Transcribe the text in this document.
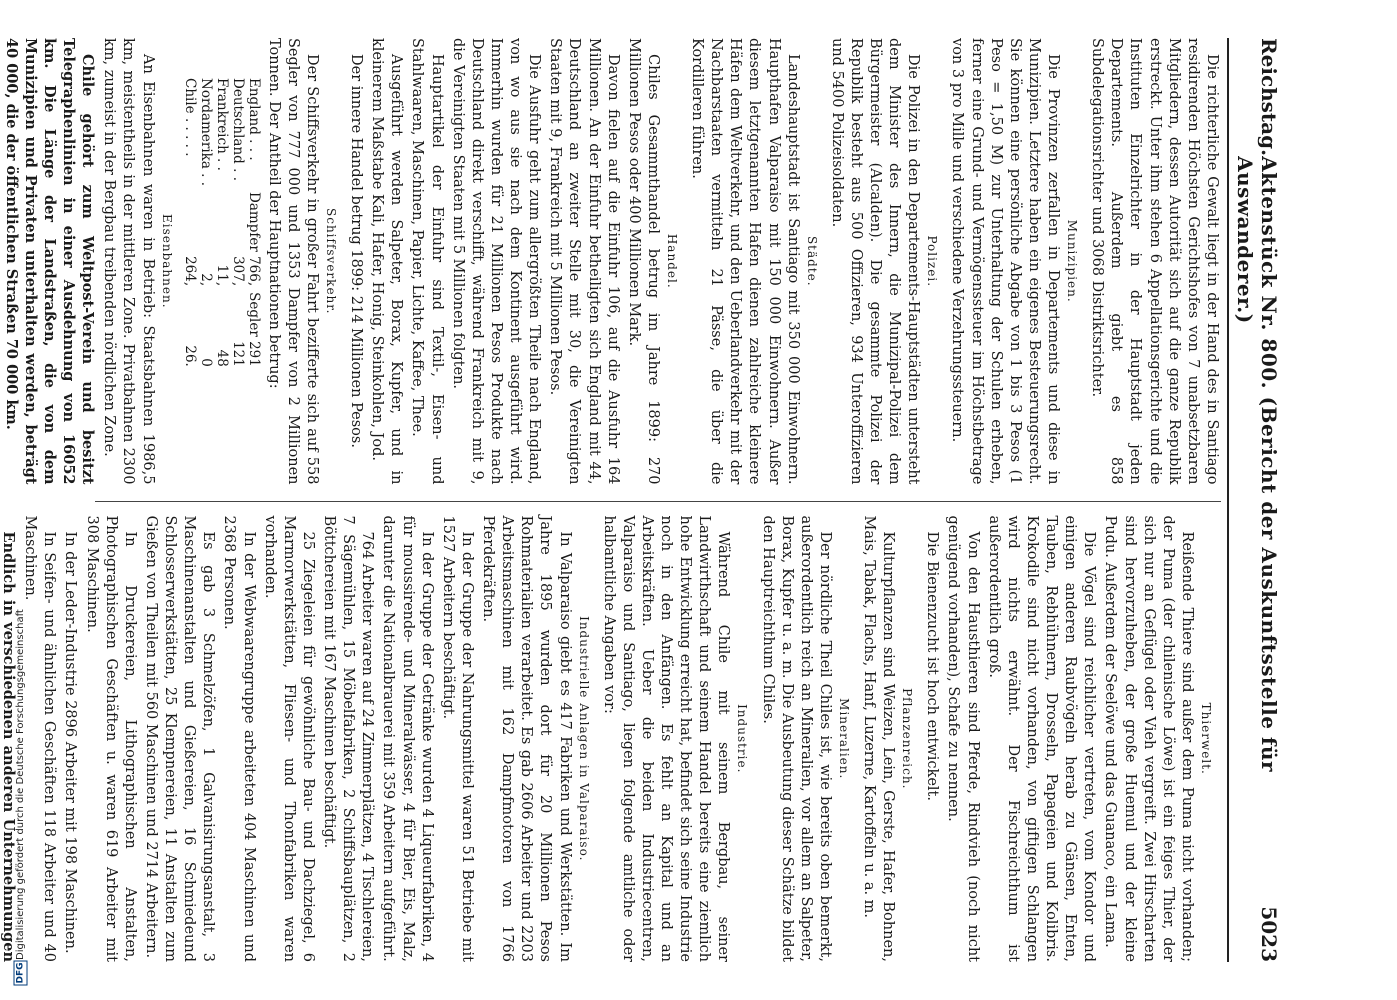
DFG
Digitalisierung gefördert durch die Deutsche Forschungsgemeinschaft
Reichstag.
Aktenstück Nr. 800. (Bericht der Auskunftsstelle für Auswanderer.)
5023

Die richterliche Gewalt liegt in der Hand des in Santiago residirenden Höchsten Gerichtshofes von 7 unabsetzbaren Mitgliedern, dessen Autorität sich auf die ganze Republik erstreckt. Unter ihm stehen 6 Appellationsgerichte und die Instituten Einzelrichter in der Hauptstadt jeden Departements. Außerdem giebt es 858 Subdelegationsrichter und 3068 Distriktsrichter.

Munizipien.

Die Provinzen zerfallen in Departements und diese in Munizipien. Letztere haben ein eigenes Besteuerungsrecht. Sie können eine persönliche Abgabe von 1 bis 3 Pesos (1 Peso = 1,50 M) zur Unterhaltung der Schulen erheben, ferner eine Grund- und Vermögenssteuer im Höchstbetrage von 3 pro Mille und verschiedene Verzehrungssteuern.

Polizei.

Die Polizei in den Departements-Hauptstädten untersteht dem Minister des Innern, die Munizipal-Polizei dem Bürgermeister (Alcalden). Die gesammte Polizei der Republik besteht aus 500 Offizieren, 934 Unteroffizieren und 5400 Polizeisoldaten.

Städte.

Landeshauptstadt ist Santiago mit 350 000 Einwohnern. Haupthafen Valparaiso mit 150 000 Einwohnern. Außer diesem letztgenannten Hafen dienen zahlreiche kleinere Häfen dem Weltverkehr, und den Ueberlandverkehr mit der Nachbarstaaten vermitteln 21 Pässe, die über die Kordilleren führen.

Handel.

Chiles Gesammthandel betrug im Jahre 1899: 270 Millionen Pesos oder 400 Millionen Mark.

Davon fielen auf die Einfuhr 106, auf die Ausfuhr 164 Millionen. An der Einfuhr betheiligten sich England mit 44, Deutschland an zweiter Stelle mit 30, die Vereinigten Staaten mit 9, Frankreich mit 5 Millionen Pesos.

Die Ausfuhr geht zum allergrößten Theile nach England, von wo aus sie nach dem Kontinent ausgeführt wird. Immerhin wurden für 21 Millionen Pesos Produkte nach Deutschland direkt verschifft, während Frankreich mit 9, die Vereinigten Staaten mit 5 Millionen folgten.

Hauptartikel der Einfuhr sind Textil-, Eisen- und Stahlwaaren, Maschinen, Papier, Lichte, Kaffee, Thee.

Ausgeführt werden Salpeter, Borax, Kupfer, und in kleinerem Maßstabe Kali, Hafer, Honig, Steinkohlen, Jod.

Der innere Handel betrug 1899: 214 Millionen Pesos.

Schiffsverkehr.

Der Schiffsverkehr in großer Fahrt bezifferte sich auf 558 Segler von 777 000 und 1353 Dampfer von 2 Millionen Tonnen. Der Antheil der Hauptnationen betrug:

England . . .	Dampfer 766,	Segler 291
Deutschland . .	307,	121
Frankreich . .	11,	48
Nordamerika . .	2,	0
Chile . . . . .	264,	26.
Eisenbahnen.

An Eisenbahnen waren in Betrieb: Staatsbahnen 1986,5 km, meistentheils in der mittleren Zone. Privatbahnen 2300 km, zumeist in der Bergbau treibenden nördlichen Zone.

Chile gehört zum Weltpost-Verein und besitzt Telegraphenlinien in einer Ausdehnung von 16052 km. Die Länge der Landstraßen, die von dem Munizipien und Privaten unterhalten werden, beträgt 40 000, die der öffentlichen Straßen 70 000 km.

Thierwelt.

Reißende Thiere sind außer dem Puma nicht vorhanden; der Puma (der chilenische Löwe) ist ein feiges Thier, der sich nur an Geflügel oder Vieh vergreift. Zwei Hirscharten sind hervorzuheben, der große Huemul und der kleine Pudu. Außerdem der Seelöwe und das Guanaco, ein Lama.

Die Vögel sind reichlicher vertreten, vom Kondor und einigen anderen Raubvögeln herab zu Gänsen, Enten, Tauben, Rebhühnern, Drosseln, Papageien und Kolibris. Krokodile sind nicht vorhanden, von giftigen Schlangen wird nichts erwähnt. Der Fischreichthum ist außerordentlich groß.

Von den Hausthieren sind Pferde, Rindvieh (noch nicht genügend vorhanden), Schafe zu nennen.

Die Bienenzucht ist hoch entwickelt.

Pflanzenreich.

Kulturpflanzen sind Weizen, Lein, Gerste, Hafer, Bohnen, Mais, Tabak, Flachs, Hanf, Luzerne, Kartoffeln u. a. m.

Mineralien.

Der nördliche Theil Chiles ist, wie bereits oben bemerkt, außerordentlich reich an Mineralien, vor allem an Salpeter, Borax, Kupfer u. a. m. Die Ausbeutung dieser Schätze bildet den Hauptreichthum Chiles.

Industrie.

Während Chile mit seinem Bergbau, seiner Landwirthschaft und seinem Handel bereits eine ziemlich hohe Entwicklung erreicht hat, befindet sich seine Industrie noch in den Anfängen. Es fehlt an Kapital und an Arbeitskräften. Ueber die beiden Industriecentren, Valparaiso und Santiago, liegen folgende amtliche oder halbamtliche Angaben vor:

Industrielle Anlagen in Valparaiso.

In Valparaiso giebt es 417 Fabriken und Werkstätten. Im Jahre 1895 wurden dort für 20 Millionen Pesos Rohmaterialien verarbeitet. Es gab 2606 Arbeiter und 2203 Arbeitsmaschinen mit 162 Dampfmotoren von 1766 Pferdekräften.

In der Gruppe der Nahrungsmittel waren 51 Betriebe mit 1527 Arbeitern beschäftigt.

In der Gruppe der Getränke wurden 4 Liqueurfabriken, 4 für moussirende- und Mineralwässer, 4 für Bier, Eis, Malz, darunter die Nationalbrauerei mit 359 Arbeitern aufgeführt.

764 Arbeiter waren auf 24 Zimmerplätzen, 4 Tischlereien, 7 Sägemühlen, 15 Möbelfabriken, 2 Schiffsbauplätzen, 2 Böttchereien mit 167 Maschinen beschäftigt.

25 Ziegeleien für gewöhnliche Bau- und Dachziegel, 6 Marmorwerkstätten, Fliesen- und Thonfabriken waren vorhanden.

In der Webwaarengruppe arbeiteten 404 Maschinen und 2368 Personen.

Es gab 3 Schmelzöfen, 1 Galvanisirungsanstalt, 3 Maschinenanstalten und Gießereien, 16 Schmiedeund Schlosserwerkstätten, 25 Klempnereien, 11 Anstalten zum Gießen von Theilen mit 560 Maschinen und 2714 Arbeitern.

In Druckereien, Lithographischen Anstalten, Photographischen Geschäften u. waren 619 Arbeiter mit 308 Maschinen.

In der Leder-Industrie 2896 Arbeiter mit 198 Maschinen.

In Seifen- und ähnlichen Geschäften 118 Arbeiter und 40 Maschinen.

Endlich in verschiedenen anderen Unternehmungen
